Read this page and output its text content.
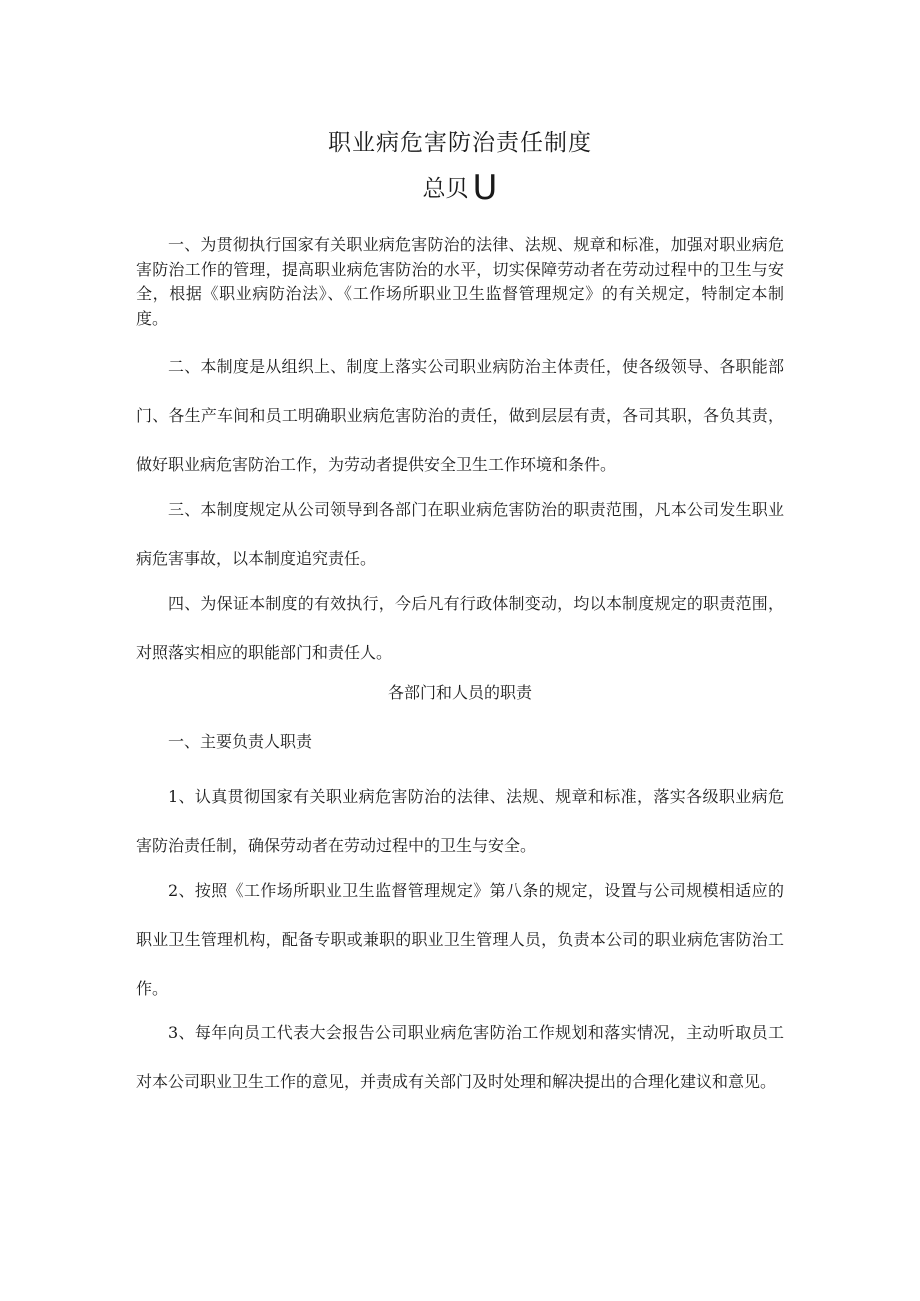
职业病危害防治责任制度
总贝 U

一、为贯彻执行国家有关职业病危害防治的法律、法规、规章和标准，加强对职业病危害防治工作的管理，提高职业病危害防治的水平，切实保障劳动者在劳动过程中的卫生与安全，根据《职业病防治法》、《工作场所职业卫生监督管理规定》的有关规定，特制定本制度。

二、本制度是从组织上、制度上落实公司职业病防治主体责任，使各级领导、各职能部门、各生产车间和员工明确职业病危害防治的责任，做到层层有责，各司其职，各负其责，做好职业病危害防治工作，为劳动者提供安全卫生工作环境和条件。

三、本制度规定从公司领导到各部门在职业病危害防治的职责范围，凡本公司发生职业病危害事故，以本制度追究责任。

四、为保证本制度的有效执行，今后凡有行政体制变动，均以本制度规定的职责范围，对照落实相应的职能部门和责任人。

各部门和人员的职责
一、主要负责人职责

1、认真贯彻国家有关职业病危害防治的法律、法规、规章和标准，落实各级职业病危害防治责任制，确保劳动者在劳动过程中的卫生与安全。

2、按照《工作场所职业卫生监督管理规定》第八条的规定，设置与公司规模相适应的职业卫生管理机构，配备专职或兼职的职业卫生管理人员，负责本公司的职业病危害防治工作。

3、每年向员工代表大会报告公司职业病危害防治工作规划和落实情况，主动听取员工对本公司职业卫生工作的意见，并责成有关部门及时处理和解决提出的合理化建议和意见。
